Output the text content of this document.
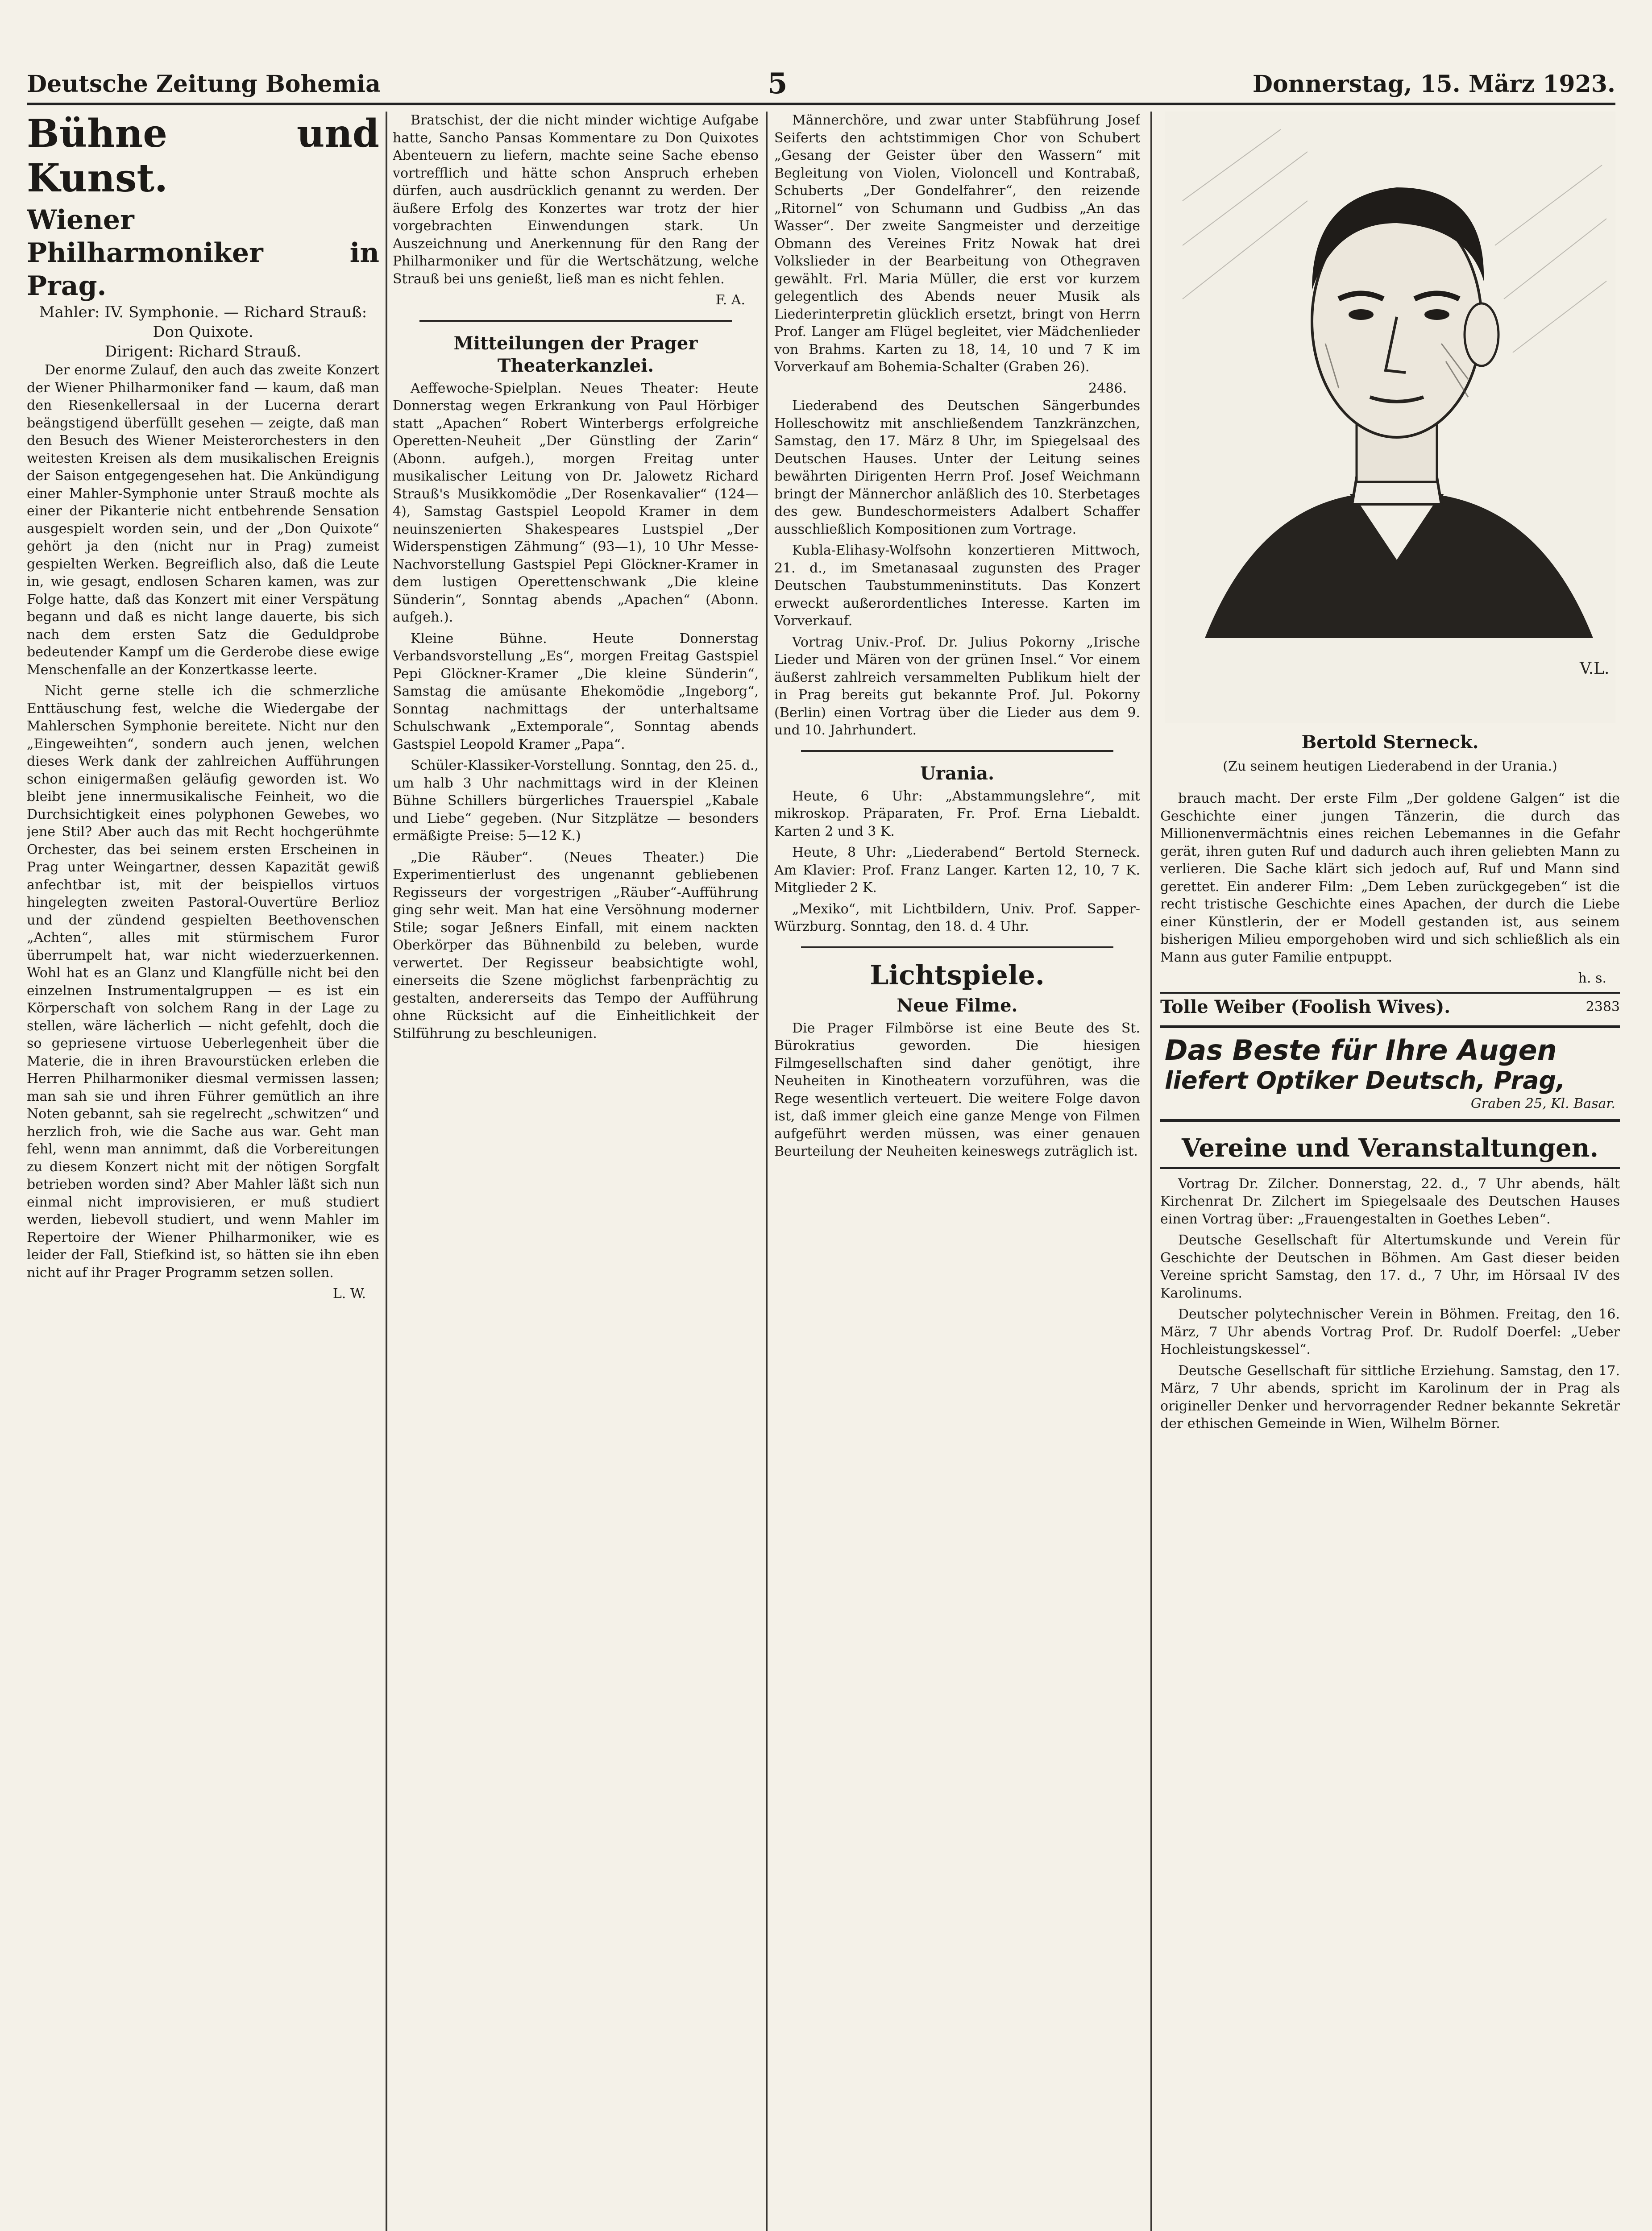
Deutsche Zeitung Bohemia	5	Donnerstag, 15. März 1923.
Bühne und Kunst.
Wiener Philharmoniker in Prag.
Mahler: IV. Symphonie. — Richard Strauß: Don Quixote.
Dirigent: Richard Strauß.

Der enorme Zulauf, den auch das zweite Konzert der Wiener Philharmoniker fand — kaum, daß man den Riesenkellersaal in der Lucerna derart beängstigend überfüllt gesehen — zeigte, daß man den Besuch des Wiener Meisterorchesters in den weitesten Kreisen als dem musikalischen Ereignis der Saison entgegengesehen hat. Die Ankündigung einer Mahler-Symphonie unter Strauß mochte als einer der Pikanterie nicht entbehrende Sensation ausgespielt worden sein, und der „Don Quixote“ gehört ja den (nicht nur in Prag) zumeist gespielten Werken. Begreiflich also, daß die Leute in, wie gesagt, endlosen Scharen kamen, was zur Folge hatte, daß das Konzert mit einer Verspätung begann und daß es nicht lange dauerte, bis sich nach dem ersten Satz die Geduldprobe bedeutender Kampf um die Gerderobe diese ewige Menschenfalle an der Konzertkasse leerte.

Nicht gerne stelle ich die schmerzliche Enttäuschung fest, welche die Wiedergabe der Mahlerschen Symphonie bereitete. Nicht nur den „Eingeweihten“, sondern auch jenen, welchen dieses Werk dank der zahlreichen Aufführungen schon einigermaßen geläufig geworden ist. Wo bleibt jene innermusikalische Feinheit, wo die Durchsichtigkeit eines polyphonen Gewebes, wo jene Stil? Aber auch das mit Recht hochgerühmte Orchester, das bei seinem ersten Erscheinen in Prag unter Weingartner, dessen Kapazität gewiß anfechtbar ist, mit der beispiellos virtuos hingelegten zweiten Pastoral-Ouvertüre Berlioz und der zündend gespielten Beethovenschen „Achten“, alles mit stürmischem Furor überrumpelt hat, war nicht wiederzuerkennen. Wohl hat es an Glanz und Klangfülle nicht bei den einzelnen Instrumentalgruppen — es ist ein Körperschaft von solchem Rang in der Lage zu stellen, wäre lächerlich — nicht gefehlt, doch die so gepriesene virtuose Ueberlegenheit über die Materie, die in ihren Bravourstücken erleben die Herren Philharmoniker diesmal vermissen lassen; man sah sie und ihren Führer gemütlich an ihre Noten gebannt, sah sie regelrecht „schwitzen“ und herzlich froh, wie die Sache aus war. Geht man fehl, wenn man annimmt, daß die Vorbereitungen zu diesem Konzert nicht mit der nötigen Sorgfalt betrieben worden sind? Aber Mahler läßt sich nun einmal nicht improvisieren, er muß studiert werden, liebevoll studiert, und wenn Mahler im Repertoire der Wiener Philharmoniker, wie es leider der Fall, Stiefkind ist, so hätten sie ihn eben nicht auf ihr Prager Programm setzen sollen.

L. W.

Bratschist, der die nicht minder wichtige Aufgabe hatte, Sancho Pansas Kommentare zu Don Quixotes Abenteuern zu liefern, machte seine Sache ebenso vortrefflich und hätte schon Anspruch erheben dürfen, auch ausdrücklich genannt zu werden. Der äußere Erfolg des Konzertes war trotz der hier vorgebrachten Einwendungen stark. Un Auszeichnung und Anerkennung für den Rang der Philharmoniker und für die Wertschätzung, welche Strauß bei uns genießt, ließ man es nicht fehlen.

F. A.
Mitteilungen der Prager Theaterkanzlei.

Aeffewoche-Spielplan. Neues Theater: Heute Donnerstag wegen Erkrankung von Paul Hörbiger statt „Apachen“ Robert Winterbergs erfolgreiche Operetten-Neuheit „Der Günstling der Zarin“ (Abonn. aufgeh.), morgen Freitag unter musikalischer Leitung von Dr. Jalowetz Richard Strauß's Musikkomödie „Der Rosenkavalier“ (124—4), Samstag Gastspiel Leopold Kramer in dem neuinszenierten Shakespeares Lustspiel „Der Widerspenstigen Zähmung“ (93—1), 10 Uhr Messe-Nachvorstellung Gastspiel Pepi Glöckner-Kramer in dem lustigen Operettenschwank „Die kleine Sünderin“, Sonntag abends „Apachen“ (Abonn. aufgeh.).

Kleine Bühne. Heute Donnerstag Verbandsvorstellung „Es“, morgen Freitag Gastspiel Pepi Glöckner-Kramer „Die kleine Sünderin“, Samstag die amüsante Ehekomödie „Ingeborg“, Sonntag nachmittags der unterhaltsame Schulschwank „Extemporale“, Sonntag abends Gastspiel Leopold Kramer „Papa“.

Schüler-Klassiker-Vorstellung. Sonntag, den 25. d., um halb 3 Uhr nachmittags wird in der Kleinen Bühne Schillers bürgerliches Trauerspiel „Kabale und Liebe“ gegeben. (Nur Sitzplätze — besonders ermäßigte Preise: 5—12 K.)

„Die Räuber“. (Neues Theater.) Die Experimentierlust des ungenannt gebliebenen Regisseurs der vorgestrigen „Räuber“-Aufführung ging sehr weit. Man hat eine Versöhnung moderner Stile; sogar Jeßners Einfall, mit einem nackten Oberkörper das Bühnenbild zu beleben, wurde verwertet. Der Regisseur beabsichtigte wohl, einerseits die Szene möglichst farbenprächtig zu gestalten, andererseits das Tempo der Aufführung ohne Rücksicht auf die Einheitlichkeit der Stilführung zu beschleunigen.

Männerchöre, und zwar unter Stabführung Josef Seiferts den achtstimmigen Chor von Schubert „Gesang der Geister über den Wassern“ mit Begleitung von Violen, Violoncell und Kontrabaß, Schuberts „Der Gondelfahrer“, den reizende „Ritornel“ von Schumann und Gudbiss „An das Wasser“. Der zweite Sangmeister und derzeitige Obmann des Vereines Fritz Nowak hat drei Volkslieder in der Bearbeitung von Othegraven gewählt. Frl. Maria Müller, die erst vor kurzem gelegentlich des Abends neuer Musik als Liederinterpretin glücklich ersetzt, bringt von Herrn Prof. Langer am Flügel begleitet, vier Mädchenlieder von Brahms. Karten zu 18, 14, 10 und 7 K im Vorverkauf am Bohemia-Schalter (Graben 26).

2486.

Liederabend des Deutschen Sängerbundes Holleschowitz mit anschließendem Tanzkränzchen, Samstag, den 17. März 8 Uhr, im Spiegelsaal des Deutschen Hauses. Unter der Leitung seines bewährten Dirigenten Herrn Prof. Josef Weichmann bringt der Männerchor anläßlich des 10. Sterbetages des gew. Bundeschormeisters Adalbert Schaffer ausschließlich Kompositionen zum Vortrage.

Kubla-Elihasy-Wolfsohn konzertieren Mittwoch, 21. d., im Smetanasaal zugunsten des Prager Deutschen Taubstummeninstituts. Das Konzert erweckt außerordentliches Interesse. Karten im Vorverkauf.

Vortrag Univ.-Prof. Dr. Julius Pokorny „Irische Lieder und Mären von der grünen Insel.“ Vor einem äußerst zahlreich versammelten Publikum hielt der in Prag bereits gut bekannte Prof. Jul. Pokorny (Berlin) einen Vortrag über die Lieder aus dem 9. und 10. Jahrhundert.

Urania.

Heute, 6 Uhr: „Abstammungslehre“, mit mikroskop. Präparaten, Fr. Prof. Erna Liebaldt. Karten 2 und 3 K.

Heute, 8 Uhr: „Liederabend“ Bertold Sterneck. Am Klavier: Prof. Franz Langer. Karten 12, 10, 7 K. Mitglieder 2 K.

„Mexiko“, mit Lichtbildern, Univ. Prof. Sapper-Würzburg. Sonntag, den 18. d. 4 Uhr.

Lichtspiele.
Neue Filme.

Die Prager Filmbörse ist eine Beute des St. Bürokratius geworden. Die hiesigen Filmgesellschaften sind daher genötigt, ihre Neuheiten in Kinotheatern vorzuführen, was die Rege wesentlich verteuert. Die weitere Folge davon ist, daß immer gleich eine ganze Menge von Filmen aufgeführt werden müssen, was einer genauen Beurteilung der Neuheiten keineswegs zuträglich ist.

V.L.
Bertold Sterneck.
(Zu seinem heutigen Liederabend in der Urania.)

brauch macht. Der erste Film „Der goldene Galgen“ ist die Geschichte einer jungen Tänzerin, die durch das Millionenvermächtnis eines reichen Lebemannes in die Gefahr gerät, ihren guten Ruf und dadurch auch ihren geliebten Mann zu verlieren. Die Sache klärt sich jedoch auf, Ruf und Mann sind gerettet. Ein anderer Film: „Dem Leben zurückgegeben“ ist die recht tristische Geschichte eines Apachen, der durch die Liebe einer Künstlerin, der er Modell gestanden ist, aus seinem bisherigen Milieu emporgehoben wird und sich schließlich als ein Mann aus guter Familie entpuppt.

h. s.
Tolle Weiber (Foolish Wives).	2383
Das Beste für Ihre Augen
liefert Optiker Deutsch, Prag,
Graben 25, Kl. Basar.
Vereine und Veranstaltungen.

Vortrag Dr. Zilcher. Donnerstag, 22. d., 7 Uhr abends, hält Kirchenrat Dr. Zilchert im Spiegelsaale des Deutschen Hauses einen Vortrag über: „Frauengestalten in Goethes Leben“.

Deutsche Gesellschaft für Altertumskunde und Verein für Geschichte der Deutschen in Böhmen. Am Gast dieser beiden Vereine spricht Samstag, den 17. d., 7 Uhr, im Hörsaal IV des Karolinums.

Deutscher polytechnischer Verein in Böhmen. Freitag, den 16. März, 7 Uhr abends Vortrag Prof. Dr. Rudolf Doerfel: „Ueber Hochleistungskessel“.

Deutsche Gesellschaft für sittliche Erziehung. Samstag, den 17. März, 7 Uhr abends, spricht im Karolinum der in Prag als origineller Denker und hervorragender Redner bekannte Sekretär der ethischen Gemeinde in Wien, Wilhelm Börner.
